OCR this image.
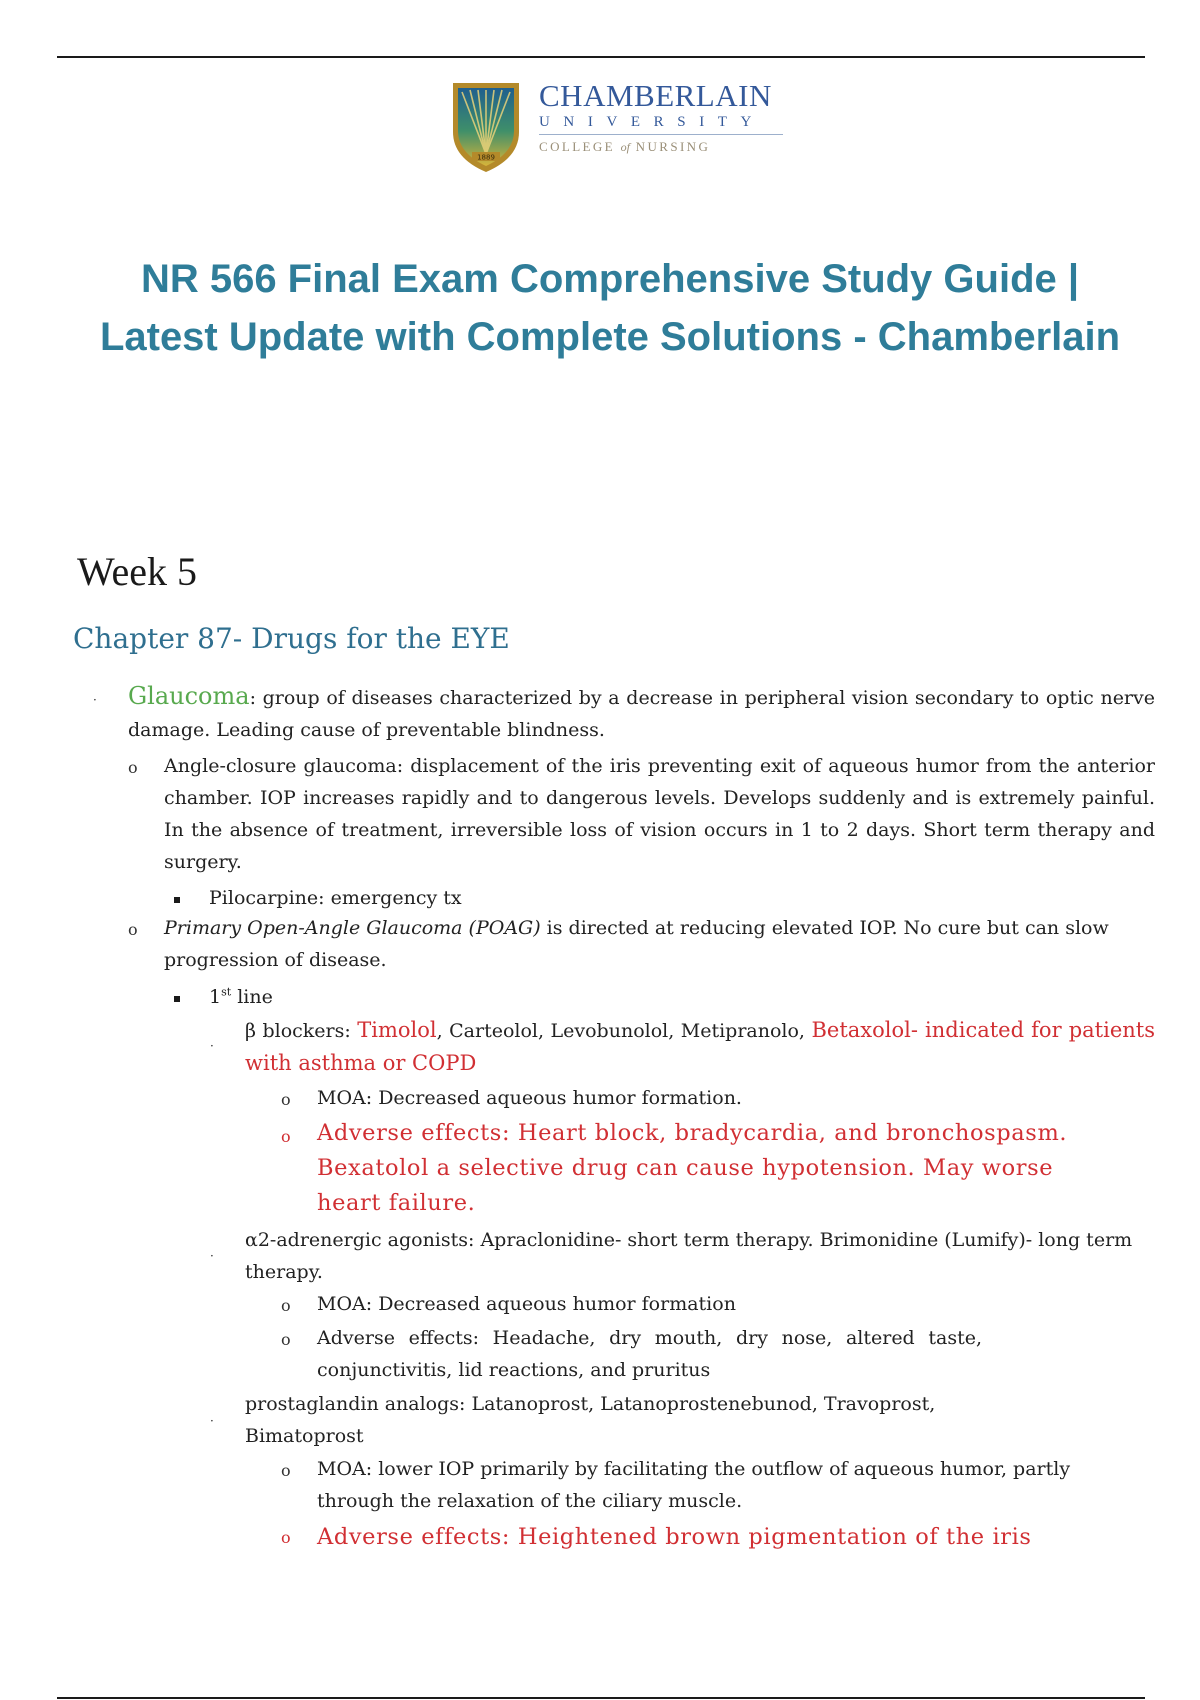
1889
CHAMBERLAIN
UNIVERSITY
COLLEGE of NURSING
NR 566 Final Exam Comprehensive Study Guide |
Latest Update with Complete Solutions - Chamberlain
Week 5
Chapter 87- Drugs for the EYE
· Glaucoma: group of diseases characterized by a decrease in peripheral vision secondary to optic nerve damage. Leading cause of preventable blindness.

o Angle-closure glaucoma: displacement of the iris preventing exit of aqueous humor from the anterior chamber. IOP increases rapidly and to dangerous levels. Develops suddenly and is extremely painful. In the absence of treatment, irreversible loss of vision occurs in 1 to 2 days. Short term therapy and surgery.

Pilocarpine: emergency tx

o Primary Open-Angle Glaucoma (POAG) is directed at reducing elevated IOP. No cure but can slow progression of disease.

1st line

·

β blockers: Timolol, Carteolol, Levobunolol, Metipranolo, Betaxolol- indicated for patients with asthma or COPD

o MOA: Decreased aqueous humor formation.

o Adverse effects: Heart block, bradycardia, and bronchospasm. Bexatolol a selective drug can cause hypotension. May worse heart failure.

·

α2-adrenergic agonists: Apraclonidine- short term therapy. Brimonidine (Lumify)- long term therapy.

o MOA: Decreased aqueous humor formation

o Adverse effects: Headache, dry mouth, dry nose, altered taste, conjunctivitis, lid reactions, and pruritus

·

prostaglandin analogs: Latanoprost, Latanoprostenebunod, Travoprost, Bimatoprost

o MOA: lower IOP primarily by facilitating the outflow of aqueous humor, partly through the relaxation of the ciliary muscle.

o Adverse effects: Heightened brown pigmentation of the iris
